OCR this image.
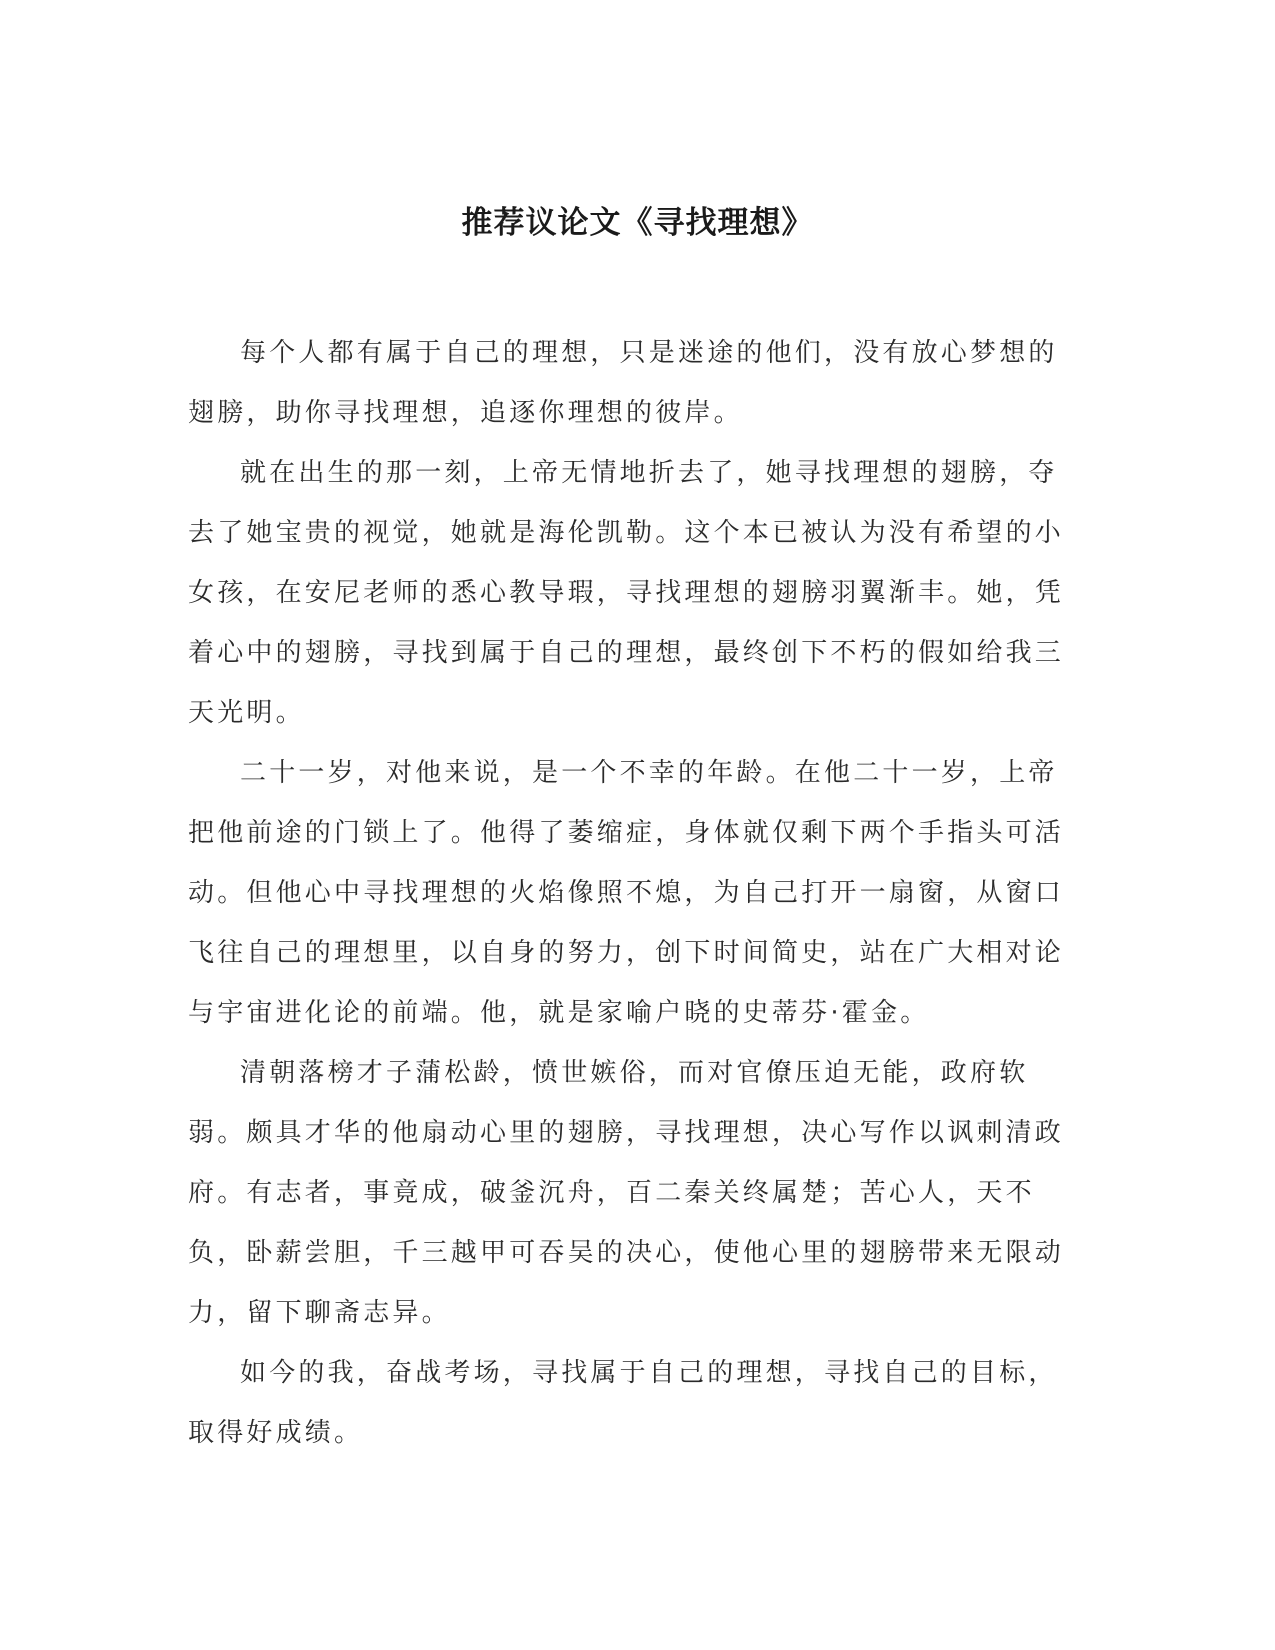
推荐议论文《寻找理想》

每个人都有属于自己的理想，只是迷途的他们，没有放心梦想的翅膀，助你寻找理想，追逐你理想的彼岸。

就在出生的那一刻，上帝无情地折去了，她寻找理想的翅膀，夺去了她宝贵的视觉，她就是海伦凯勒。这个本已被认为没有希望的小女孩，在安尼老师的悉心教导瑕，寻找理想的翅膀羽翼渐丰。她，凭着心中的翅膀，寻找到属于自己的理想，最终创下不朽的假如给我三天光明。

二十一岁，对他来说，是一个不幸的年龄。在他二十一岁，上帝把他前途的门锁上了。他得了萎缩症，身体就仅剩下两个手指头可活动。但他心中寻找理想的火焰像照不熄，为自己打开一扇窗，从窗口飞往自己的理想里，以自身的努力，创下时间简史，站在广大相对论与宇宙进化论的前端。他，就是家喻户晓的史蒂芬·霍金。

清朝落榜才子蒲松龄，愤世嫉俗，而对官僚压迫无能，政府软弱。颇具才华的他扇动心里的翅膀，寻找理想，决心写作以讽刺清政府。有志者，事竟成，破釜沉舟，百二秦关终属楚；苦心人，天不负，卧薪尝胆，千三越甲可吞吴的决心，使他心里的翅膀带来无限动力，留下聊斋志异。

如今的我，奋战考场，寻找属于自己的理想，寻找自己的目标，取得好成绩。
